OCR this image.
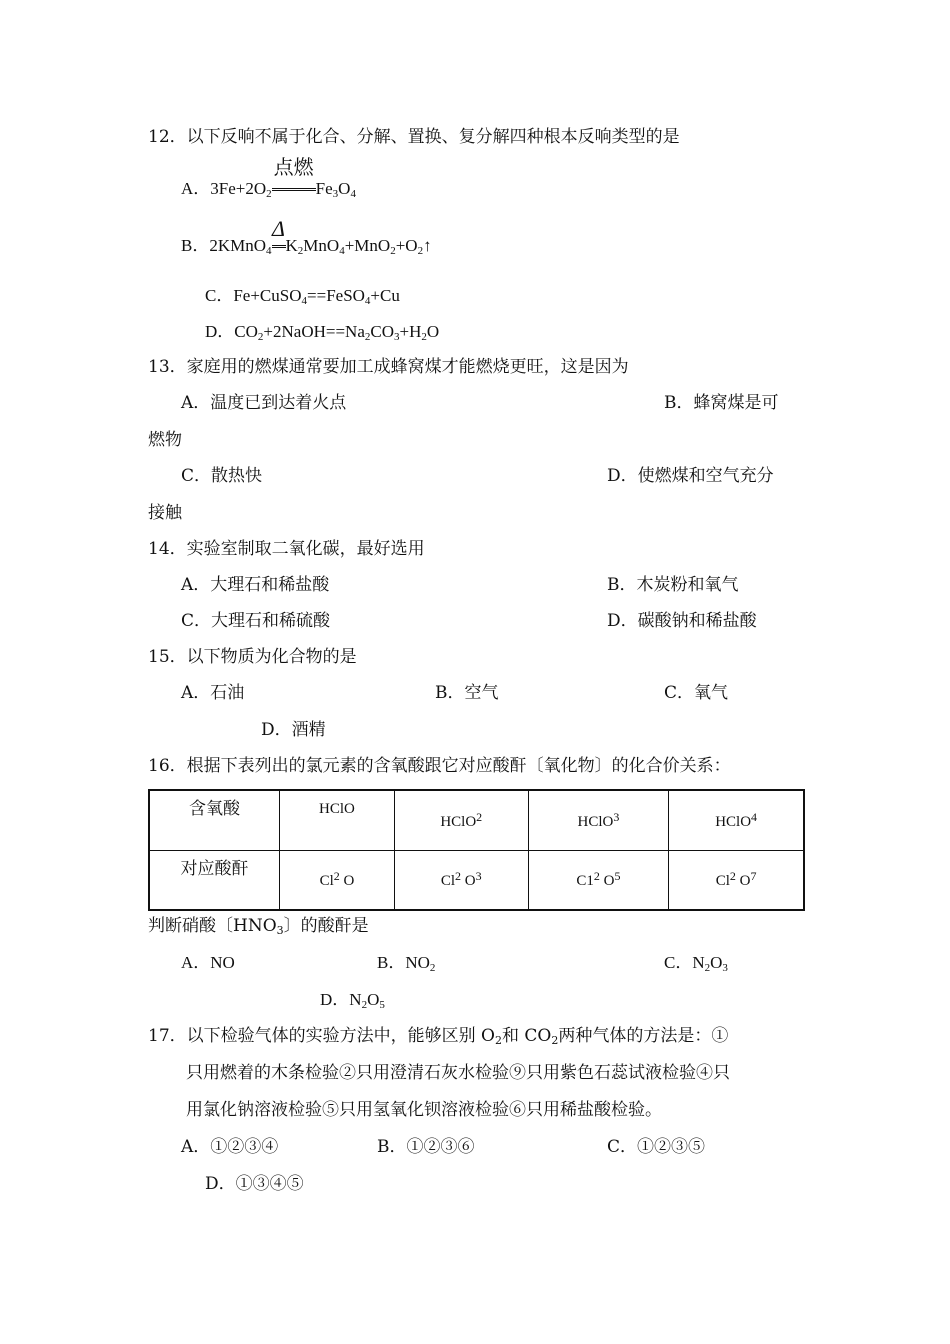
12．以下反响不属于化合、分解、置换、复分解四种根本反响类型的是
A．$3Fe+2O_2$
点燃
$Fe_3O_4$
B．2KMnO$_4$
Δ
$K_2MnO_4+MnO_2+O_2↑$
C．Fe+CuSO$_4$==FeSO$_4$+Cu
D．$CO_2+2NaOH==Na_2CO_3+H_2O$
13．家庭用的燃煤通常要加工成蜂窝煤才能燃烧更旺，这是因为
A．温度已到达着火点	B．蜂窝煤是可
燃物
C．散热快	D．使燃煤和空气充分
接触
14．实验室制取二氧化碳，最好选用
A．大理石和稀盐酸	B．木炭粉和氧气
C．大理石和稀硫酸	D．碳酸钠和稀盐酸
15．以下物质为化合物的是
A．石油	B．空气	C．氧气
D．酒精
16．根据下表列出的氯元素的含氧酸跟它对应酸酐〔氧化物〕的化合价关系：
含氧酸	HClO	HClO$^2$	HClO$^3$	HClO$^4$
对应酸酐	Cl$^2$ O	Cl$^2$ $O^3$	$C1^2$ $O^5$	Cl$^2$ $O^7$
判断硝酸〔$HNO_3$〕的酸酐是
A．NO	B．$NO_2$	C．$N_2O_3$
D．$N_2O_5$
17．以下检验气体的实验方法中，能够区别 $O_2$和 $CO_2$两种气体的方法是：①
只用燃着的木条检验②只用澄清石灰水检验⑨只用紫色石蕊试液检验④只
用氯化钠溶液检验⑤只用氢氧化钡溶液检验⑥只用稀盐酸检验。
A．①②③④	B．①②③⑥	C．①②③⑤
D．①③④⑤
